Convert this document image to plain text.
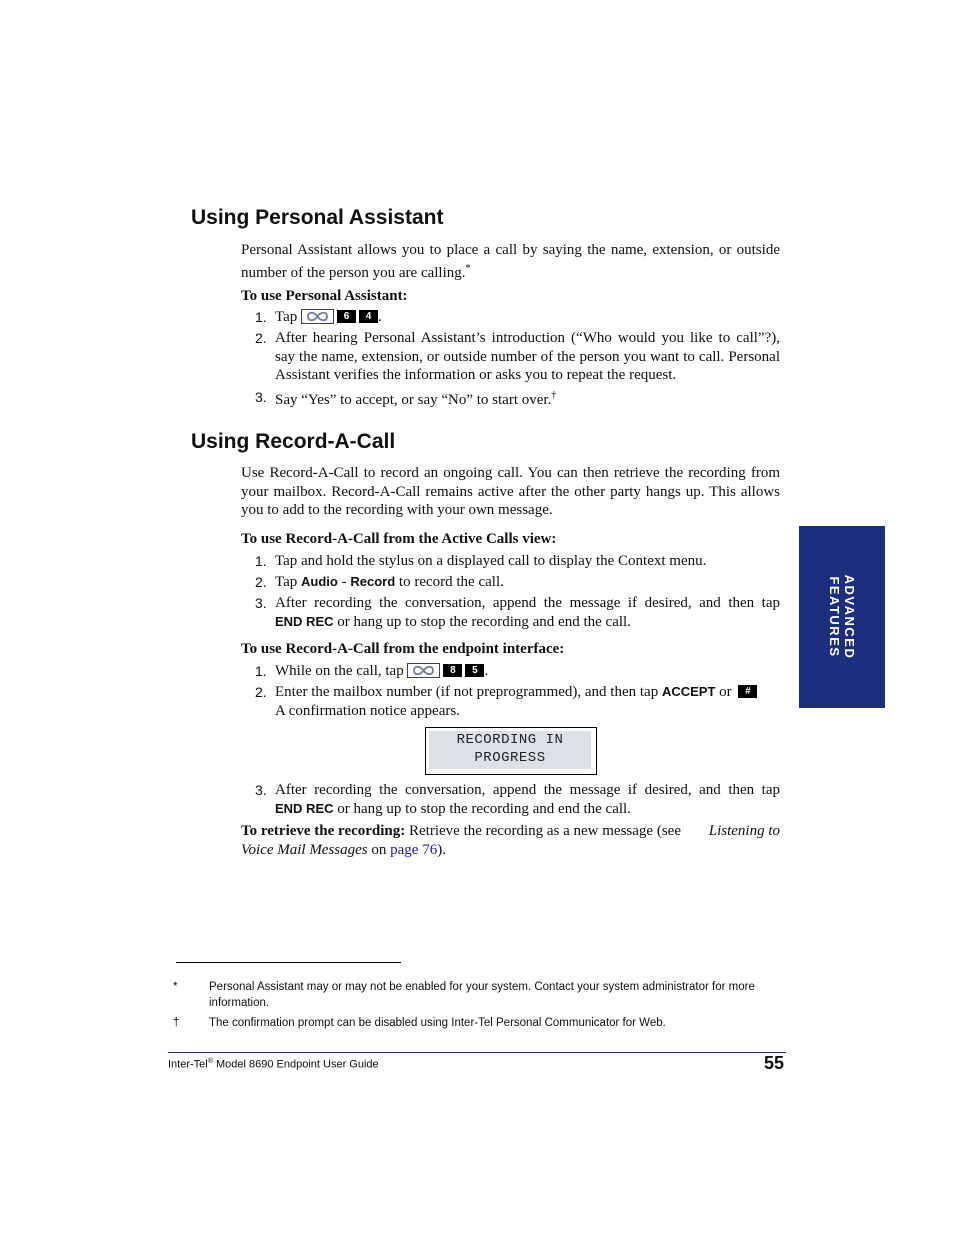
Using Personal Assistant
Personal Assistant allows you to place a call by saying the name, extension, or outside number of the person you are calling.*
To use Personal Assistant:
1. Tap	6 4 .
2. After hearing Personal Assistant’s introduction (“Who would you like to call”?), say the name, extension, or outside number of the person you want to call. Personal Assistant verifies the information or asks you to repeat the request.
3. Say “Yes” to accept, or say “No” to start over.†
Using Record-A-Call
Use Record-A-Call to record an ongoing call. You can then retrieve the recording from your mailbox. Record-A-Call remains active after the other party hangs up. This allows you to add to the recording with your own message.
To use Record-A-Call from the Active Calls view:
1. Tap and hold the stylus on a displayed call to display the Context menu.
2. Tap Audio - Record to record the call.
3. After recording the conversation, append the message if desired, and then tap
END REC or hang up to stop the recording and end the call.
To use Record-A-Call from the endpoint interface:
1. While on the call, tap	8 5 .
2. Enter the mailbox number (if not preprogrammed), and then tap ACCEPT or #
A confirmation notice appears.
RECORDING IN
PROGRESS
3. After recording the conversation, append the message if desired, and then tap
END REC or hang up to stop the recording and end the call.
To retrieve the recording: Retrieve the recording as a new message (see Listening to
Voice Mail Messages on page 76).
ADVANCED
FEATURES
*	Personal Assistant may or may not be enabled for your system. Contact your system administrator for more information.
†	The confirmation prompt can be disabled using Inter-Tel Personal Communicator for Web.
Inter-Tel® Model 8690 Endpoint User Guide	55
